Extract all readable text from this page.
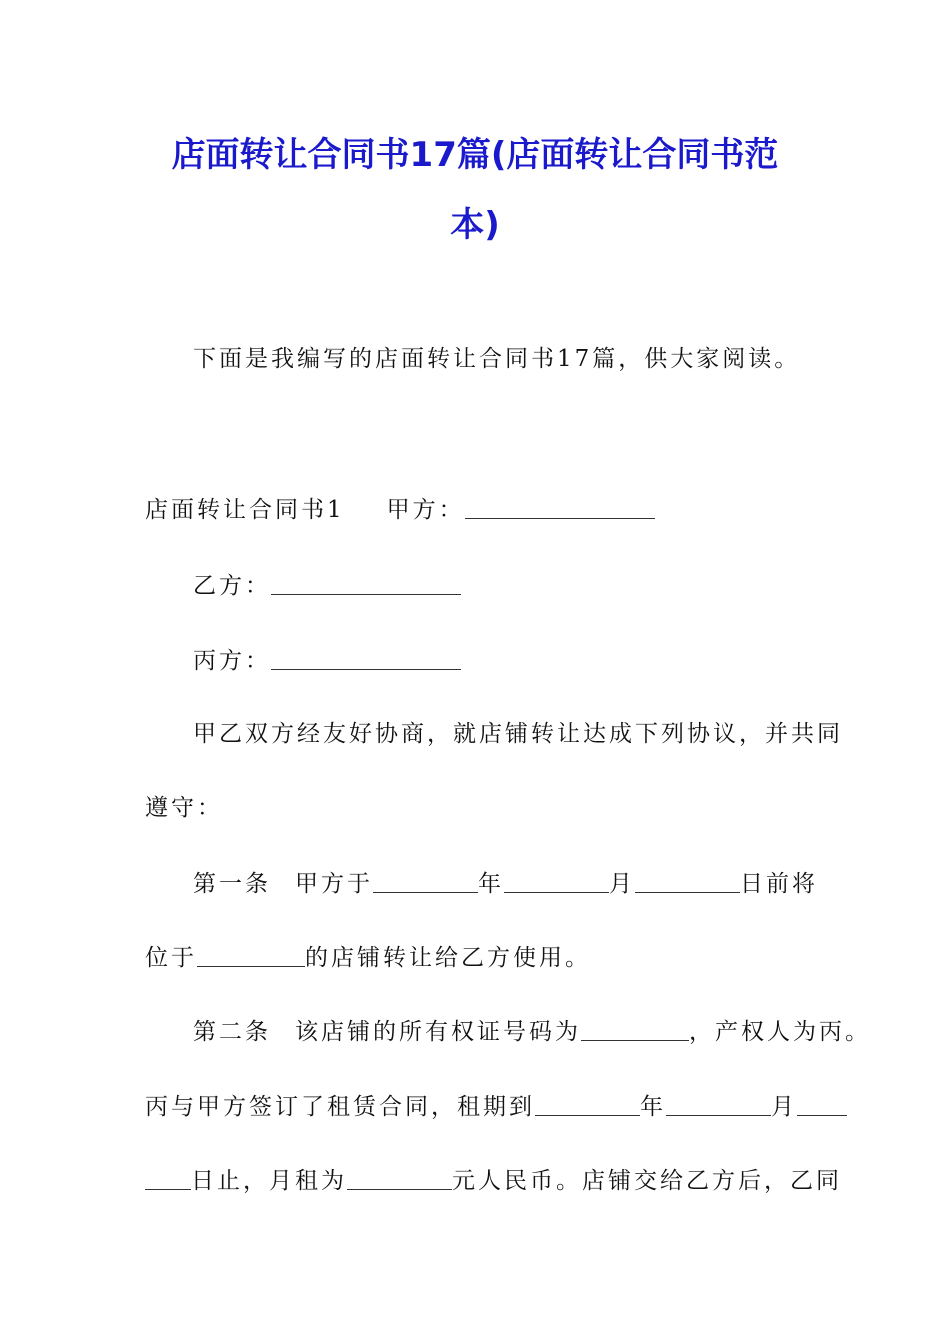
店面转让合同书17篇(店面转让合同书范
本)
下面是我编写的店面转让合同书17篇，供大家阅读。
店面转让合同书1 甲方：
乙方：
丙方：
甲乙双方经友好协商，就店铺转让达成下列协议，并共同
遵守：
第一条 甲方于	年	月	日前将
位于	的店铺转让给乙方使用。
第二条 该店铺的所有权证号码为	，产权人为丙。
丙与甲方签订了租赁合同，租期到	年	月
日止，月租为	元人民币。店铺交给乙方后，乙同
